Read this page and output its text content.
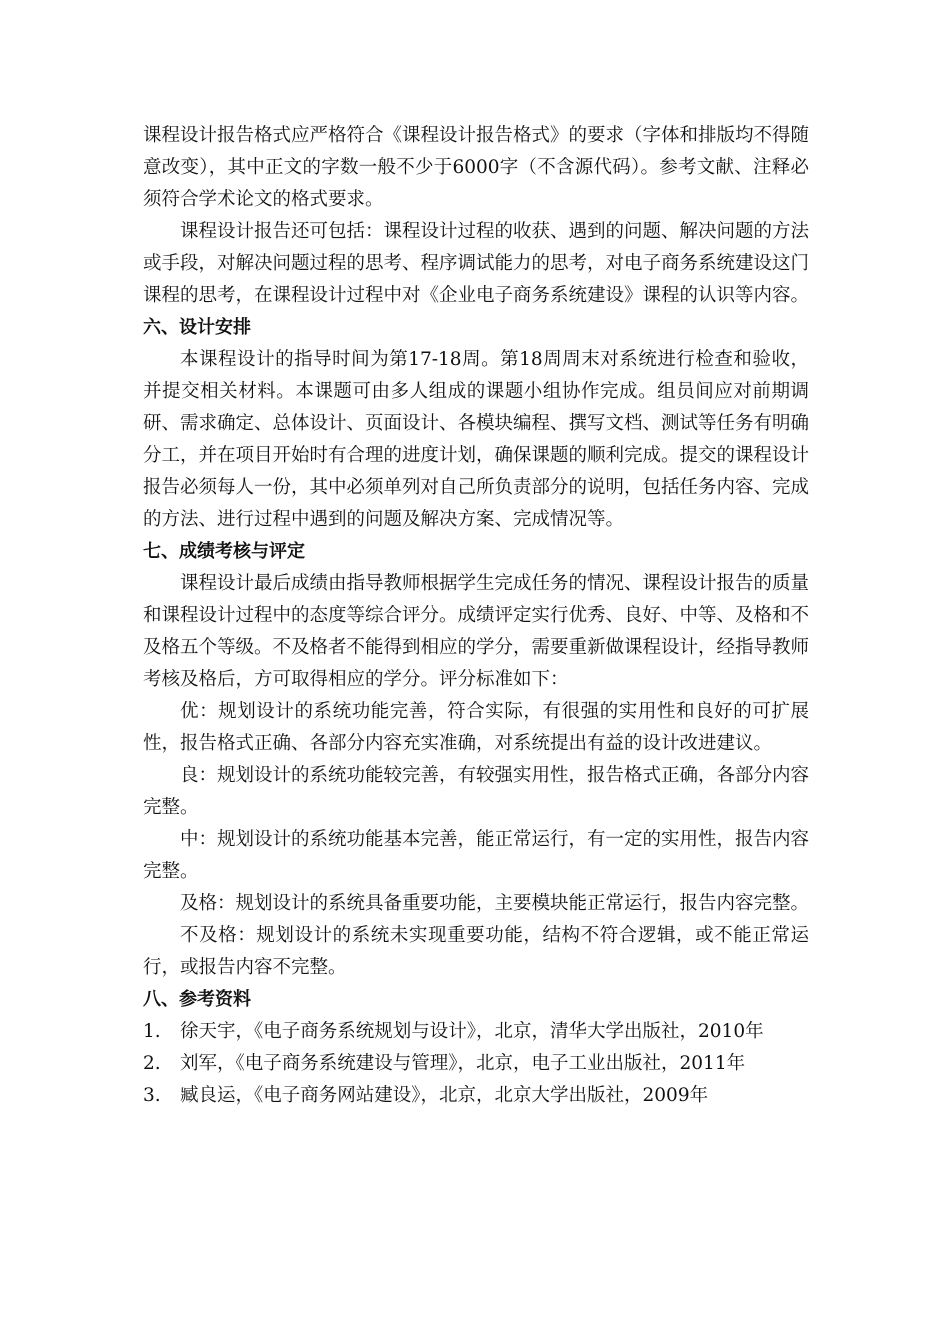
课程设计报告格式应严格符合《课程设计报告格式》的要求（字体和排版均不得随意改变），其中正文的字数一般不少于6000字（不含源代码）。参考文献、注释必须符合学术论文的格式要求。

课程设计报告还可包括：课程设计过程的收获、遇到的问题、解决问题的方法或手段，对解决问题过程的思考、程序调试能力的思考，对电子商务系统建设这门课程的思考，在课程设计过程中对《企业电子商务系统建设》课程的认识等内容。

六、设计安排

本课程设计的指导时间为第17-18周。第18周周末对系统进行检查和验收，并提交相关材料。本课题可由多人组成的课题小组协作完成。组员间应对前期调研、需求确定、总体设计、页面设计、各模块编程、撰写文档、测试等任务有明确分工，并在项目开始时有合理的进度计划，确保课题的顺利完成。提交的课程设计报告必须每人一份，其中必须单列对自己所负责部分的说明，包括任务内容、完成的方法、进行过程中遇到的问题及解决方案、完成情况等。

七、成绩考核与评定

课程设计最后成绩由指导教师根据学生完成任务的情况、课程设计报告的质量和课程设计过程中的态度等综合评分。成绩评定实行优秀、良好、中等、及格和不及格五个等级。不及格者不能得到相应的学分，需要重新做课程设计，经指导教师考核及格后，方可取得相应的学分。评分标准如下：

优：规划设计的系统功能完善，符合实际，有很强的实用性和良好的可扩展性，报告格式正确、各部分内容充实准确，对系统提出有益的设计改进建议。

良：规划设计的系统功能较完善，有较强实用性，报告格式正确，各部分内容完整。

中：规划设计的系统功能基本完善，能正常运行，有一定的实用性，报告内容完整。

及格：规划设计的系统具备重要功能，主要模块能正常运行，报告内容完整。

不及格：规划设计的系统未实现重要功能，结构不符合逻辑，或不能正常运行，或报告内容不完整。

八、参考资料
1.	徐天宇，《电子商务系统规划与设计》，北京，清华大学出版社，2010年
2.	刘军，《电子商务系统建设与管理》，北京，电子工业出版社，2011年
3.	臧良运，《电子商务网站建设》，北京，北京大学出版社，2009年
